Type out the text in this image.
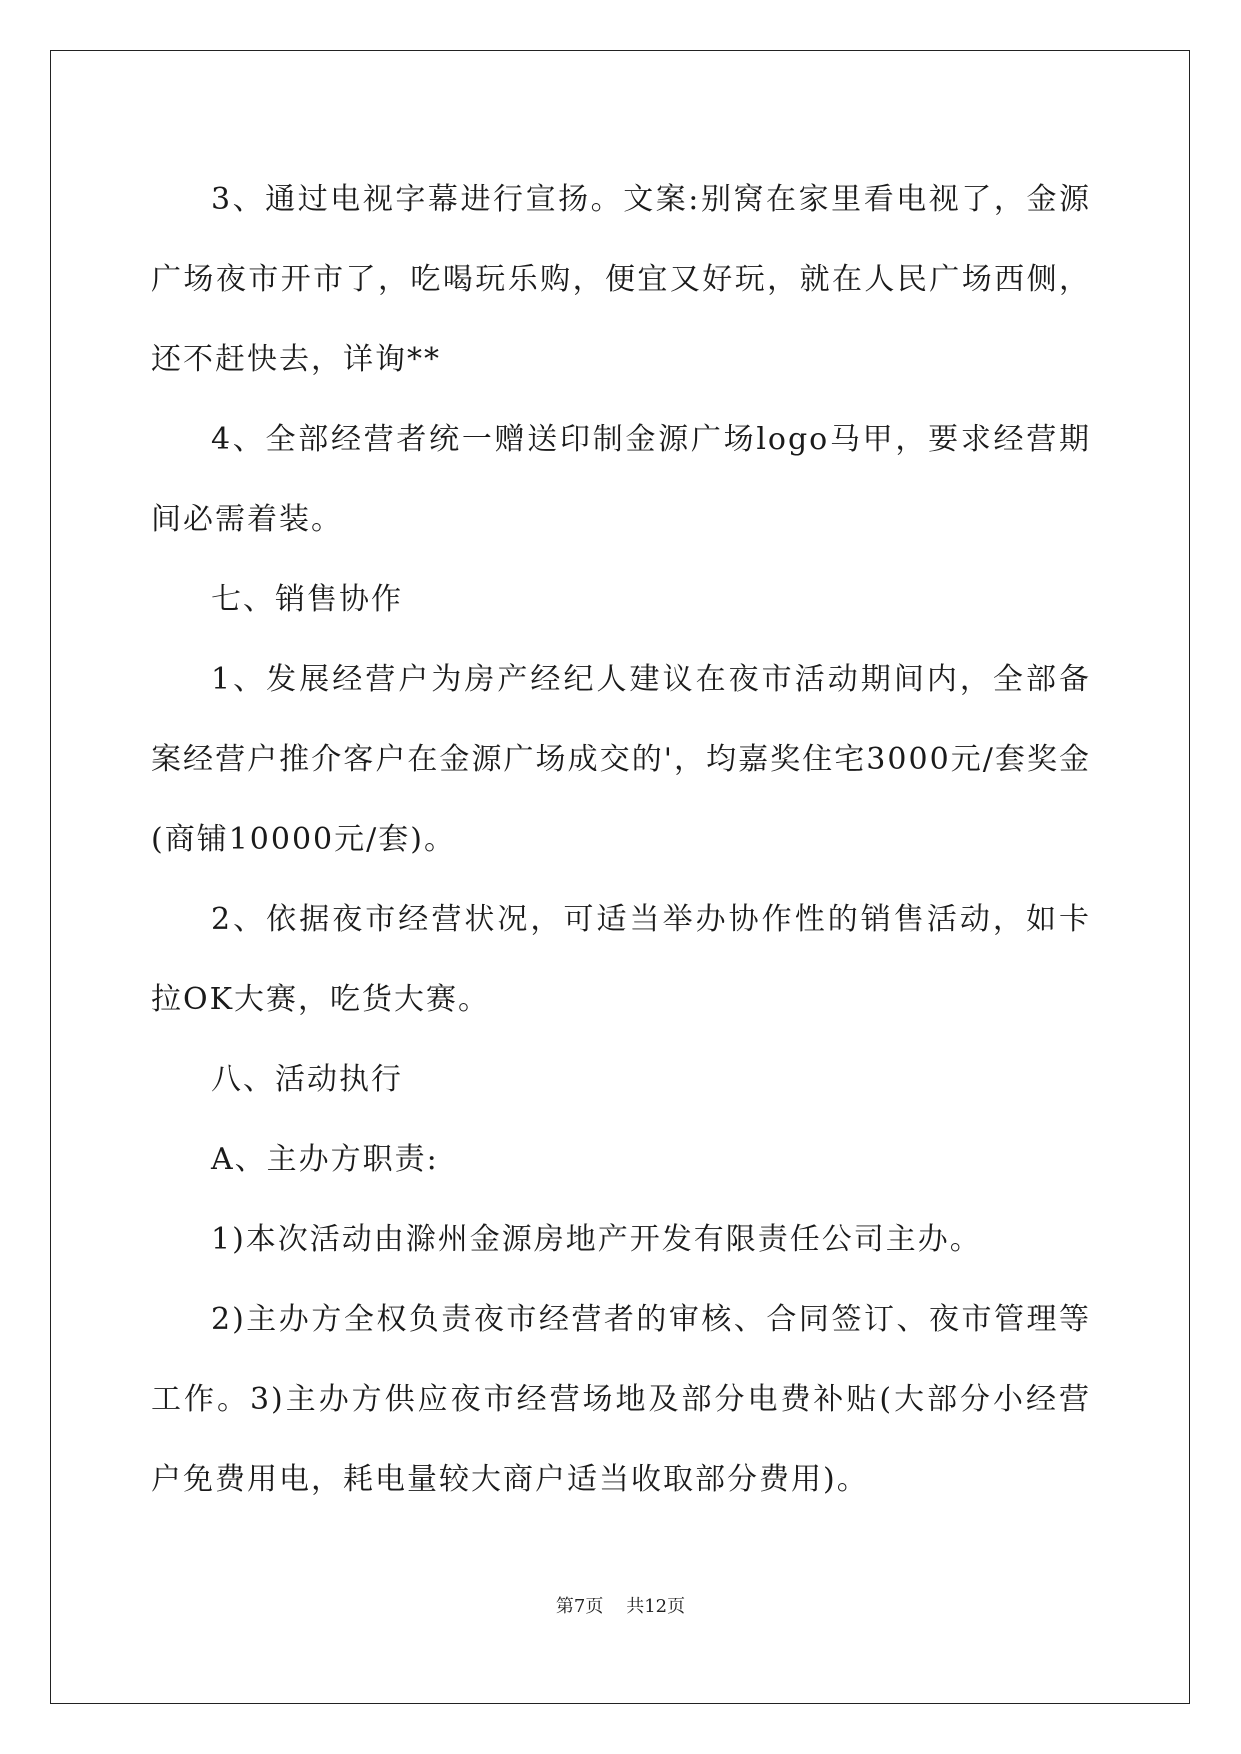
3、通过电视字幕进行宣扬。文案:别窝在家里看电视了，金源广场夜市开市了，吃喝玩乐购，便宜又好玩，就在人民广场西侧，还不赶快去，详询**

4、全部经营者统一赠送印制金源广场logo马甲，要求经营期间必需着装。

七、销售协作

1、发展经营户为房产经纪人建议在夜市活动期间内，全部备案经营户推介客户在金源广场成交的'，均嘉奖住宅3000元/套奖金(商铺10000元/套)。

2、依据夜市经营状况，可适当举办协作性的销售活动，如卡拉OK大赛，吃货大赛。

八、活动执行

A、主办方职责:

1)本次活动由滁州金源房地产开发有限责任公司主办。

2)主办方全权负责夜市经营者的审核、合同签订、夜市管理等工作。3)主办方供应夜市经营场地及部分电费补贴(大部分小经营户免费用电，耗电量较大商户适当收取部分费用)。

第7页 共12页
